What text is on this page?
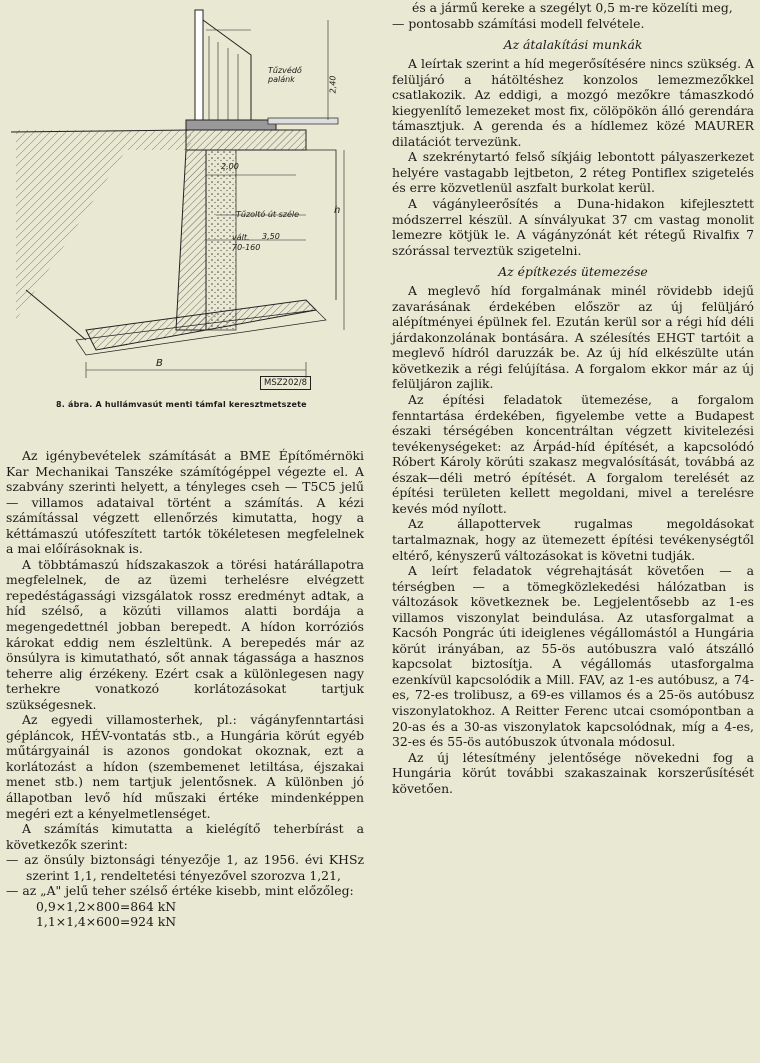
Tűzvédő
palánk	2,40
2,00
Tűzoltó út széle
vált.
70-160
3,50
B
h
MSZ202/8
8. ábra. A hullámvasút menti támfal keresztmetszete

Az igénybevételek számítását a BME Építőmérnöki Kar Mechanikai Tanszéke számítógéppel végezte el. A szabvány szerinti helyett, a tényleges cseh — T5C5 jelű — villamos adataival történt a számítás. A kézi számítással végzett ellenőrzés kimutatta, hogy a kéttámaszú utófeszített tartók tökéletesen megfelelnek a mai előírásoknak is.

A többtámaszú hídszakaszok a törési határállapotra megfelelnek, de az üzemi terhelésre elvégzett repedéstágassági vizsgálatok rossz eredményt adtak, a híd szélső, a közúti villamos alatti bordája a megengedettnél jobban berepedt. A hídon korróziós károkat eddig nem észleltünk. A berepedés már az önsúlyra is kimutatható, sőt annak tágassága a hasznos teherre alig érzékeny. Ezért csak a különlegesen nagy terhekre vonatkozó korlátozásokat tartjuk szükségesnek.

Az egyedi villamosterhek, pl.: vágányfenntartási gépláncok, HÉV-vontatás stb., a Hungária körút egyéb műtárgyainál is azonos gondokat okoznak, ezt a korlátozást a hídon (szembemenet letiltása, éjszakai menet stb.) nem tartjuk jelentősnek. A különben jó állapotban levő híd műszaki értéke mindenképpen megéri ezt a kényelmetlenséget.

A számítás kimutatta a kielégítő teherbírást a következők szerint:

— az önsúly biztonsági tényezője 1, az 1956. évi KHSz szerint 1,1, rendeltetési tényezővel szorozva 1,21,

— az „A" jelű teher szélső értéke kisebb, mint előzőleg:

0,9×1,2×800=864 kN

1,1×1,4×600=924 kN

és a jármű kereke a szegélyt 0,5 m-re közelíti meg,

— pontosabb számítási modell felvétele.

Az átalakítási munkák

A leírtak szerint a híd megerősítésére nincs szükség. A felüljáró a hátöltéshez konzolos lemezmezőkkel csatlakozik. Az eddigi, a mozgó mezőkre támaszkodó kiegyenlítő lemezeket most fix, cölöpökön álló gerendára támasztjuk. A gerenda és a hídlemez közé MAURER dilatációt tervezünk.

A szekrénytartó felső síkjáig lebontott pályaszerkezet helyére vastagabb lejtbeton, 2 réteg Pontiflex szigetelés és erre közvetlenül aszfalt burkolat kerül.

A vágányleerősítés a Duna-hidakon kifejlesztett módszerrel készül. A sínvályukat 37 cm vastag monolit lemezre kötjük le. A vágányzónát két rétegű Rivalfix 7 szórással terveztük szigetelni.

Az építkezés ütemezése

A meglevő híd forgalmának minél rövidebb idejű zavarásának érdekében először az új felüljáró alépítményei épülnek fel. Ezután kerül sor a régi híd déli járdakonzolának bontására. A szélesítés EHGT tartóit a meglevő hídról daruzzák be. Az új híd elkészülte után következik a régi felújítása. A forgalom ekkor már az új felüljáron zajlik.

Az építési feladatok ütemezése, a forgalom fenntartása érdekében, figyelembe vette a Budapest északi térségében koncentráltan végzett kivitelezési tevékenységeket: az Árpád-híd építését, a kapcsolódó Róbert Károly körúti szakasz megvalósítását, továbbá az észak—déli metró építését. A forgalom terelését az építési területen kellett megoldani, mivel a terelésre kevés mód nyílott.

Az állapottervek rugalmas megoldásokat tartalmaznak, hogy az ütemezett építési tevékenységtől eltérő, kényszerű változásokat is követni tudják.

A leírt feladatok végrehajtását követően — a térségben — a tömegközlekedési hálózatban is változások következnek be. Legjelentősebb az 1-es villamos viszonylat beindulása. Az utasforgalmat a Kacsóh Pongrác úti ideiglenes végállomástól a Hungária körút irányában, az 55-ös autóbuszra való átszálló kapcsolat biztosítja. A végállomás utasforgalma ezenkívül kapcsolódik a Mill. FAV, az 1-es autóbusz, a 74-es, 72-es trolibusz, a 69-es villamos és a 25-ös autóbusz viszonylatokhoz. A Reitter Ferenc utcai csomópontban a 20-as és a 30-as viszonylatok kapcsolódnak, míg a 4-es, 32-es és 55-ös autóbuszok útvonala módosul.

Az új létesítmény jelentősége növekedni fog a Hungária körút további szakaszainak korszerűsítését követően.
